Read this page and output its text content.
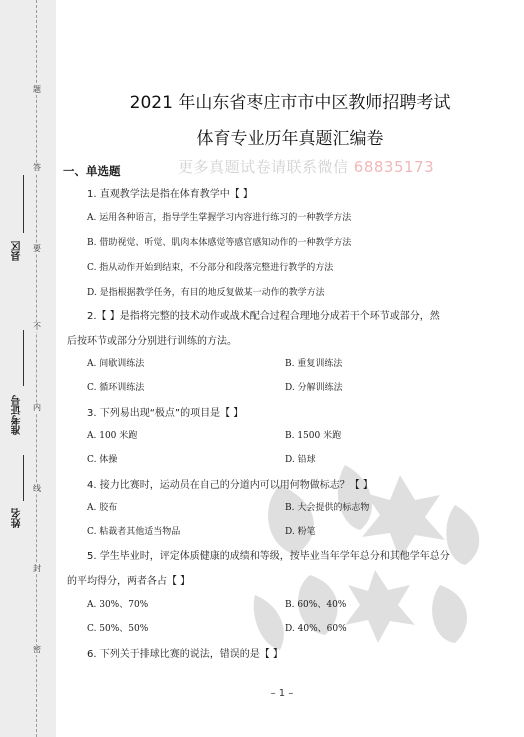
题
答
要
不
内
线
封
密
县区
准考证号
姓名
2021 年山东省枣庄市市中区教师招聘考试
体育专业历年真题汇编卷
一、单选题	更多真题试卷请联系微信 68835173
1. 直观教学法是指在体育教学中【 】
A. 运用各种语言，指导学生掌握学习内容进行练习的一种教学方法
B. 借助视觉、听觉、肌肉本体感觉等感官感知动作的一种教学方法
C. 指从动作开始到结束，不分部分和段落完整进行教学的方法
D. 是指根据教学任务，有目的地反复做某一动作的教学方法
2.【 】是指将完整的技术动作或战术配合过程合理地分成若干个环节或部分，然
后按环节或部分分别进行训练的方法。
A. 间歇训练法	B. 重复训练法
C. 循环训练法	D. 分解训练法
3. 下列易出现“极点”的项目是【 】
A. 100 米跑	B. 1500 米跑
C. 体操	D. 铅球
4. 接力比赛时，运动员在自己的分道内可以用何物做标志？【 】
A. 胶布	B. 大会提供的标志物
C. 粘裁者其他适当物品	D. 粉笔
5. 学生毕业时，评定体质健康的成绩和等级，按毕业当年学年总分和其他学年总分
的平均得分，两者各占【 】
A. 30%、70%	B. 60%、40%
C. 50%、50%	D. 40%、60%
6. 下列关于排球比赛的说法，错误的是【 】
– 1 –
